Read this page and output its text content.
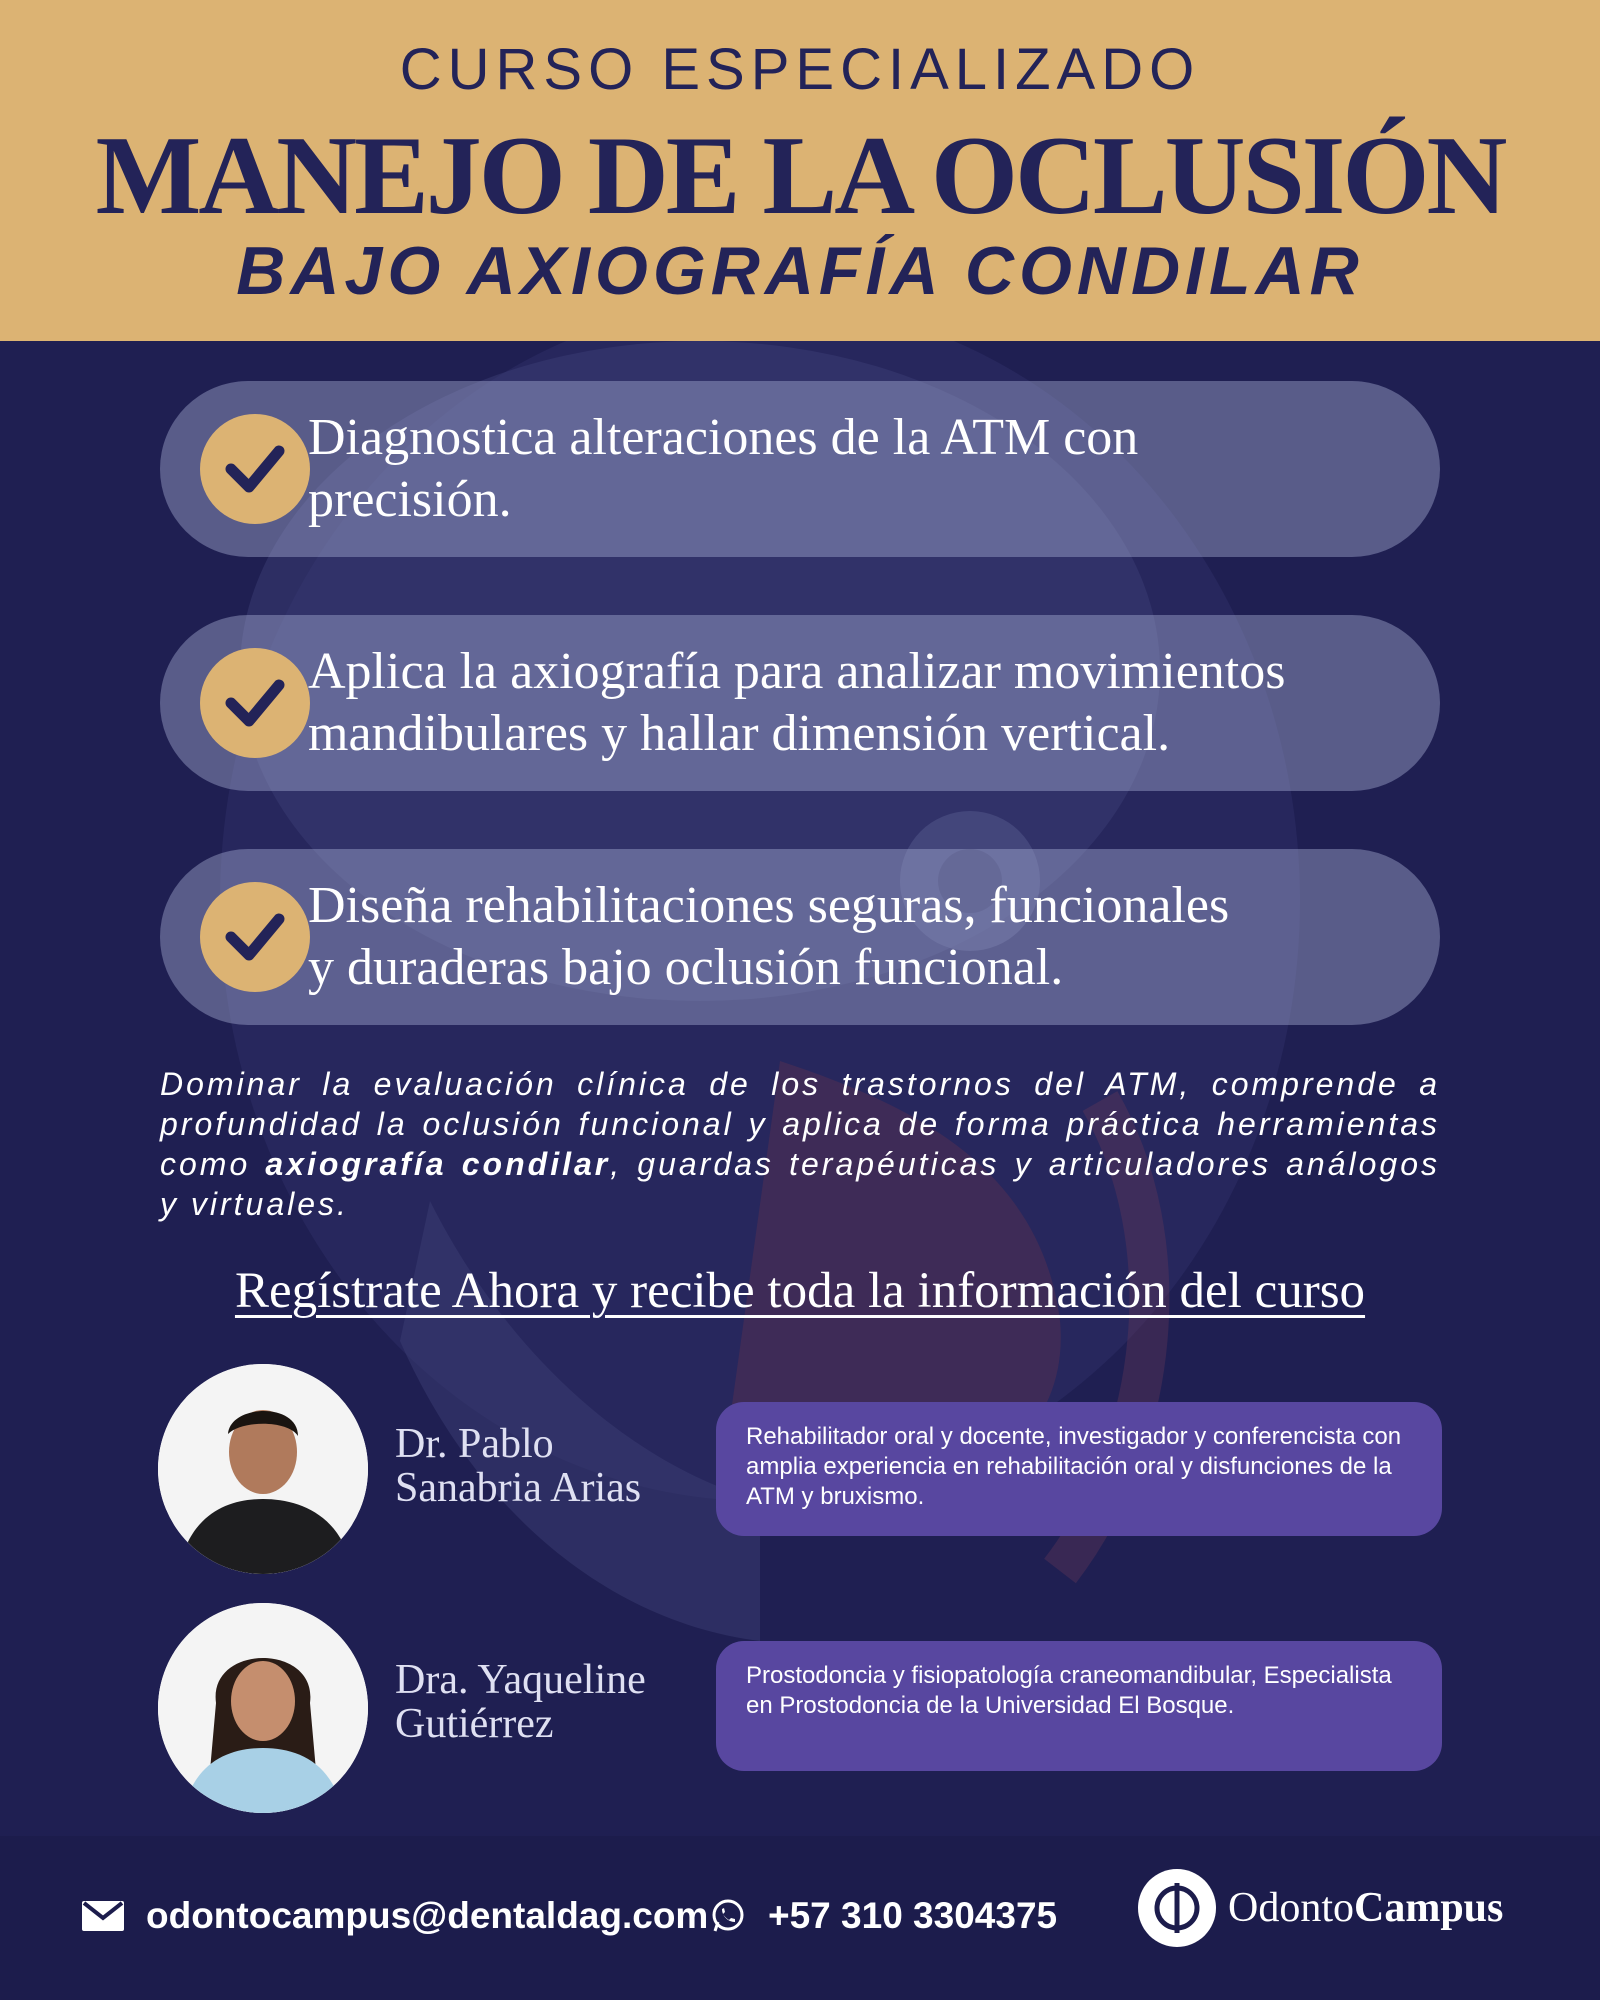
CURSO ESPECIALIZADO
MANEJO DE LA OCLUSIÓN
BAJO AXIOGRAFÍA CONDILAR
Diagnostica alteraciones de la ATM con
precisión.
Aplica la axiografía para analizar movimientos
mandibulares y hallar dimensión vertical.
Diseña rehabilitaciones seguras, funcionales
y duraderas bajo oclusión funcional.
Dominar la evaluación clínica de los trastornos del ATM, comprende a profundidad la oclusión funcional y aplica de forma práctica herramientas como axiografía condilar, guardas terapéuticas y articuladores análogos y virtuales.
Regístrate Ahora y recibe toda la información del curso
Dr. Pablo
Sanabria Arias
Rehabilitador oral y docente, investigador y conferencista con amplia experiencia en rehabilitación oral y disfunciones de la ATM y bruxismo.
Dra. Yaqueline
Gutiérrez
Prostodoncia y fisiopatología craneomandibular, Especialista en Prostodoncia de la Universidad El Bosque.
odontocampus@dentaldag.com +57 310 3304375	OdontoCampus
